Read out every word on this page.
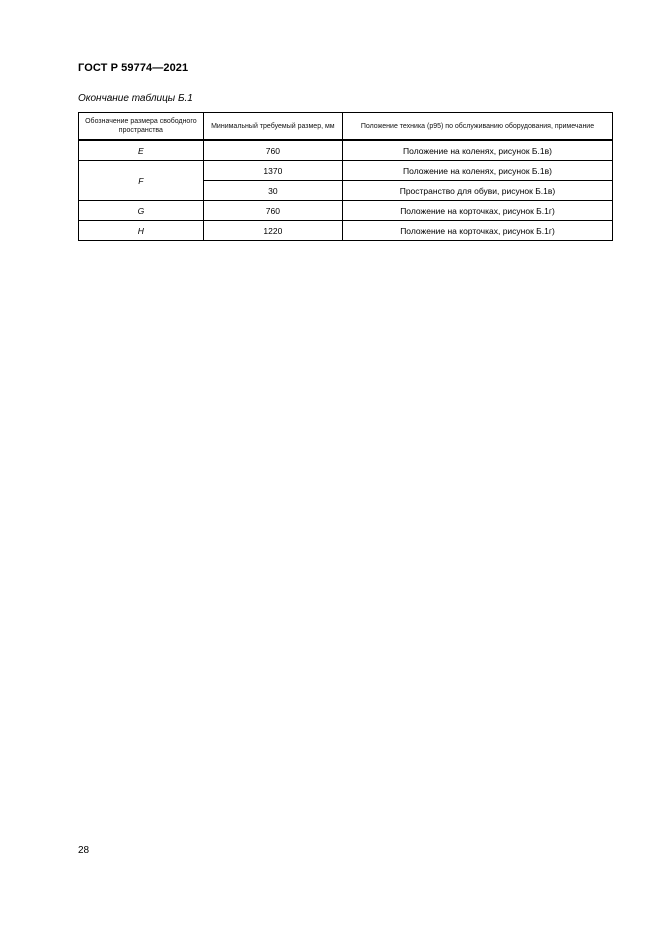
ГОСТ Р 59774—2021
Окончание таблицы Б.1
Обозначение размера свободного пространства	Минимальный требуемый размер, мм	Положение техника (p95) по обслуживанию оборудования, примечание
E	760	Положение на коленях, рисунок Б.1в)
F	1370	Положение на коленях, рисунок Б.1в)
	30	Пространство для обуви, рисунок Б.1в)
G	760	Положение на корточках, рисунок Б.1г)
H	1220	Положение на корточках, рисунок Б.1г)
28
